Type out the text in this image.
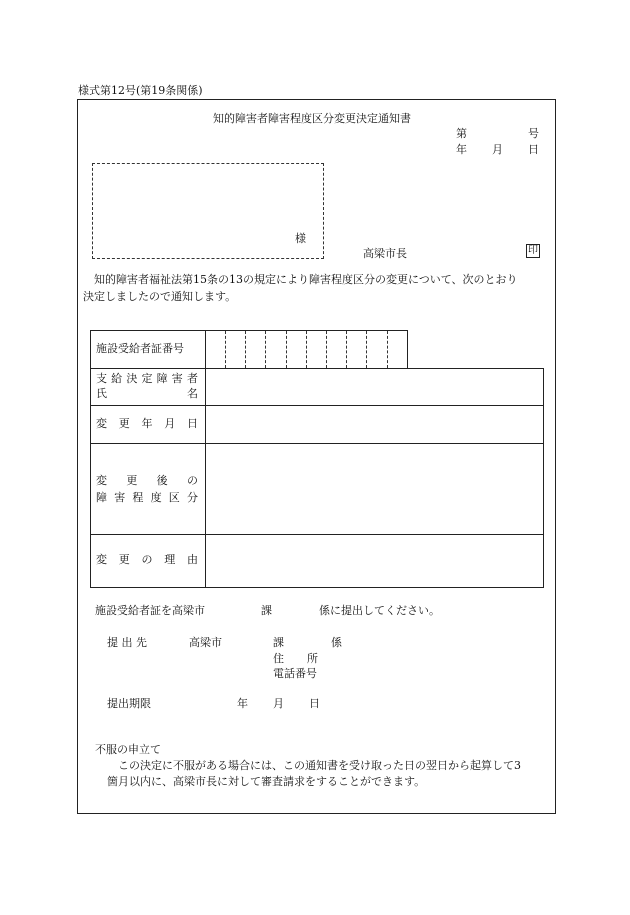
様式第12号(第19条関係)
知的障害者障害程度区分変更決定通知書
第	号
年 月 日
様
高梁市長	印
知的障害者福祉法第15条の13の規定により障害程度区分の変更について、次のとおり
決定しましたので通知します。
施設受給者証番号
支 給 決 定 障 害 者
氏	名
変 更 年 月 日
変 更 後 の
障 害 程 度 区 分
変 更 の 理 由
施設受給者証を高梁市	課	係に提出してください。
提 出 先	高梁市	課	係
住 所
電話番号
提出期限	年 月 日
不服の申立て
この決定に不服がある場合には、この通知書を受け取った日の翌日から起算して3
箇月以内に、高梁市長に対して審査請求をすることができます。
